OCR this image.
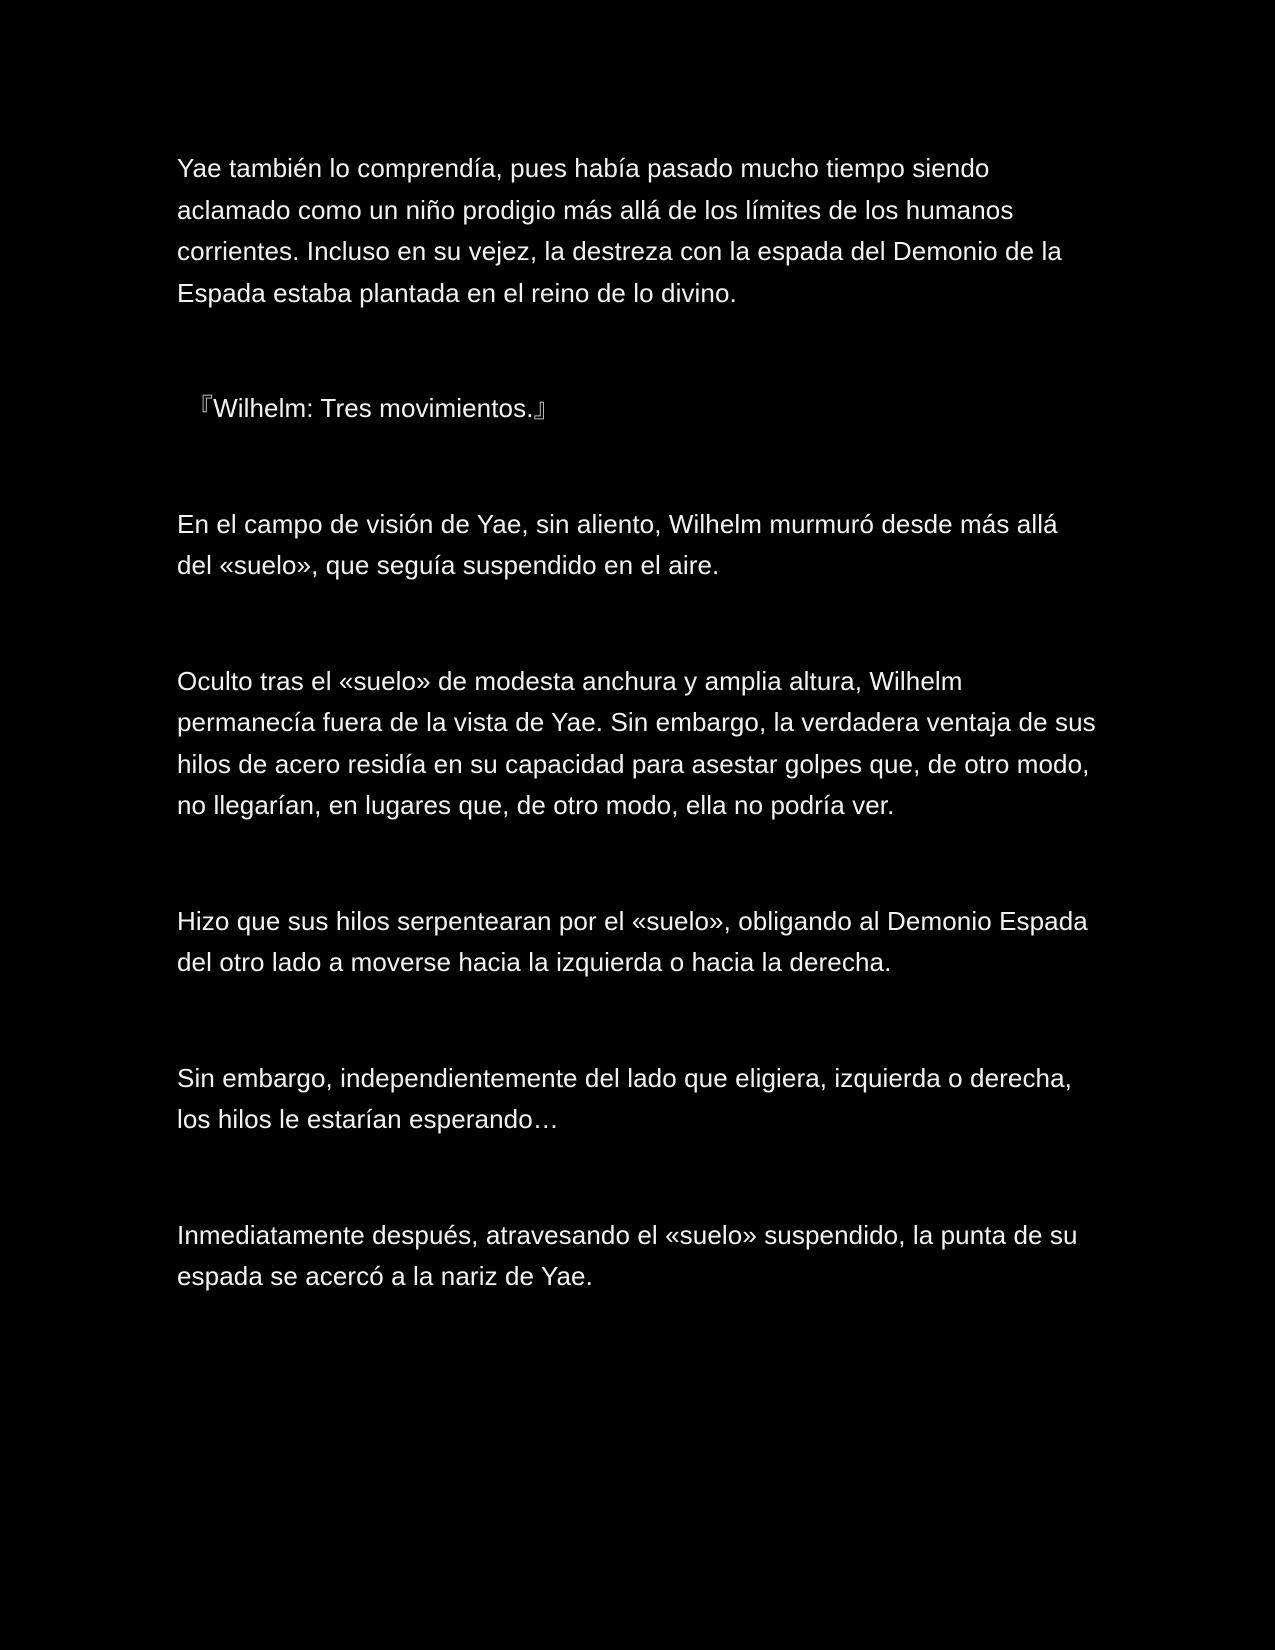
Yae también lo comprendía, pues había pasado mucho tiempo siendo aclamado como un niño prodigio más allá de los límites de los humanos corrientes. Incluso en su vejez, la destreza con la espada del Demonio de la Espada estaba plantada en el reino de lo divino.

『Wilhelm: Tres movimientos.』

En el campo de visión de Yae, sin aliento, Wilhelm murmuró desde más allá del «suelo», que seguía suspendido en el aire.

Oculto tras el «suelo» de modesta anchura y amplia altura, Wilhelm permanecía fuera de la vista de Yae. Sin embargo, la verdadera ventaja de sus hilos de acero residía en su capacidad para asestar golpes que, de otro modo, no llegarían, en lugares que, de otro modo, ella no podría ver.

Hizo que sus hilos serpentearan por el «suelo», obligando al Demonio Espada del otro lado a moverse hacia la izquierda o hacia la derecha.

Sin embargo, independientemente del lado que eligiera, izquierda o derecha, los hilos le estarían esperando…

Inmediatamente después, atravesando el «suelo» suspendido, la punta de su espada se acercó a la nariz de Yae.
